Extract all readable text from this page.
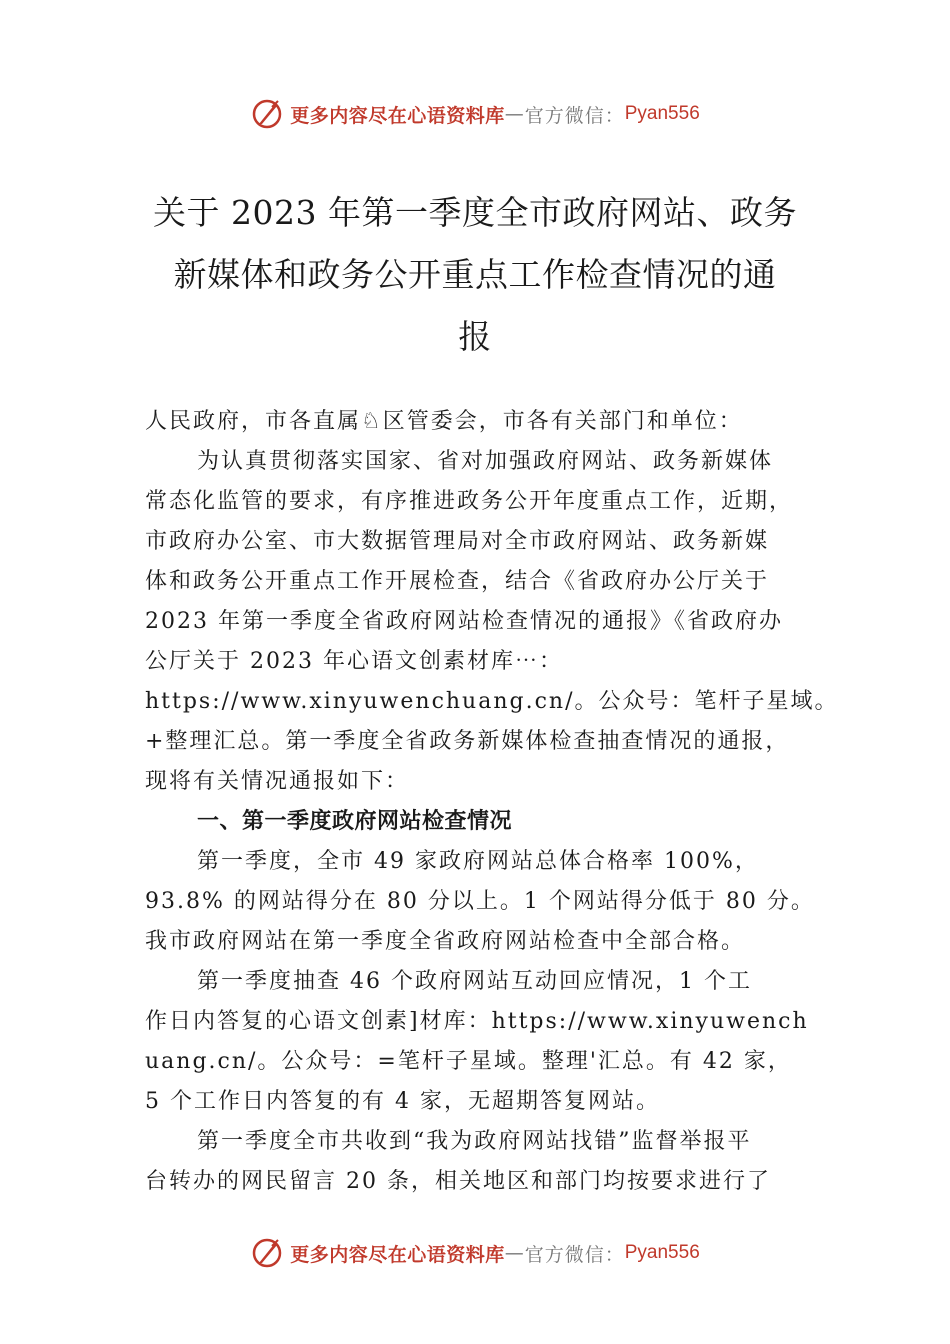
更多内容尽在心语资料库 — 官方微信： Pyan556
关于 2023 年第一季度全市政府网站、政务
新媒体和政务公开重点工作检查情况的通
报
人民政府，市各直属♘区管委会，市各有关部门和单位：
为认真贯彻落实国家、省对加强政府网站、政务新媒体
常态化监管的要求，有序推进政务公开年度重点工作，近期，
市政府办公室、市大数据管理局对全市政府网站、政务新媒
体和政务公开重点工作开展检查，结合《省政府办公厅关于
2023 年第一季度全省政府网站检查情况的通报》《省政府办
公厅关于 2023 年心语文创素材库⋯：
https://www.xinyuwenchuang.cn/。公众号：笔杆子星域。
+整理汇总。第一季度全省政务新媒体检查抽查情况的通报，
现将有关情况通报如下：
一、第一季度政府网站检查情况
第一季度，全市 49 家政府网站总体合格率 100%，
93.8% 的网站得分在 80 分以上。1 个网站得分低于 80 分。
我市政府网站在第一季度全省政府网站检查中全部合格。
第一季度抽查 46 个政府网站互动回应情况，1 个工
作日内答复的心语文创素]材库：https://www.xinyuwench
uang.cn/。公众号：=笔杆子星域。整理'汇总。有 42 家，
5 个工作日内答复的有 4 家，无超期答复网站。
第一季度全市共收到“我为政府网站找错”监督举报平
台转办的网民留言 20 条，相关地区和部门均按要求进行了
更多内容尽在心语资料库 — 官方微信： Pyan556
